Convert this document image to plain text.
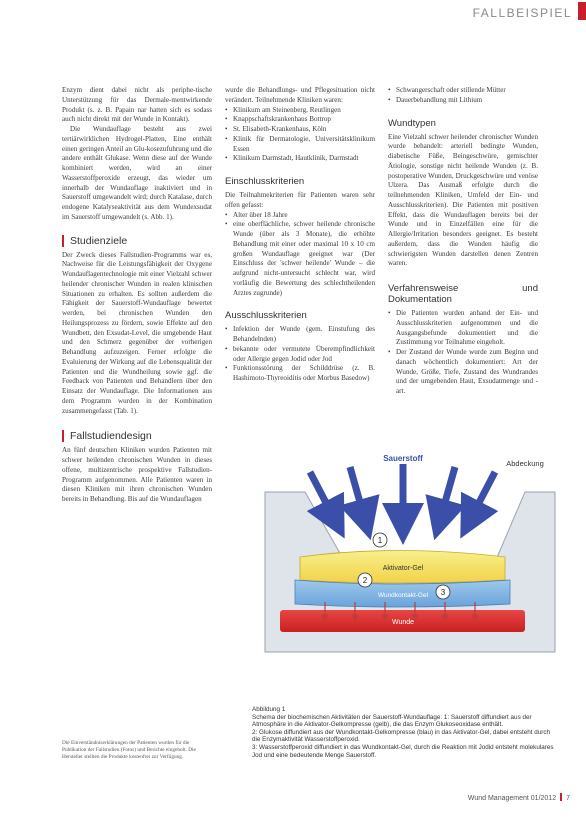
FALLBEISPIEL

Enzym dient dabei nicht als periphe-tische Unterstützung für das Dermale-mentwirkende Produkt (s. z. B. Papain nar hatten sich es sodass auch nicht direkt mit der Wunde in Kontakt).

Die Wundauflage besteht aus zwei tertiärwirklichen Hydrogel-Platten, Eine enthält einen geringen Anteil an Glu-kosezufuhrung und die andere enthält Glukase. Wenn diese auf der Wunde kombiniert werden, wird an einer Wasserstoffperoxide erzeugt, das wieder um innerhalb der Wundauflage inaktiviert und in Sauerstoff umgewandelt wird; durch Katalase, durch endogene Katalyseaktivität aus dem Wundexsudat im Sauerstoff umgewandelt (s. Abb. 1).

Studienziele

Der Zweck dieses Fallstudien-Programms war es, Nachweise für die Leistungsfähigkeit der Oxygene Wundauflagentechnologie mit einer Vielzahl schwer heilender chronischer Wunden in realen klinischen Situationen zu erhalten. Es sollten außerdem die Fähigkeit der Sauerstoff-Wundauflage bewertet werden, bei chronischen Wunden den Heilungsprozess zu fördern, sowie Effekte auf den Wundbett, den Exsudat-Level, die umgebende Haut und den Schmerz gegenüber der vorherigen Behandlung aufzuzeigen. Ferner erfolgte die Evaluierung der Wirkung auf die Lebensqualität der Patienten und die Wundheilung sowie ggf. die Feedback von Patienten und Behandlern über den Einsatz der Wundauflage. Die Informationen aus dem Programm wurden in der Kombination zusammengefasst (Tab. 1).

Fallstudiendesign

An fünf deutschen Kliniken wurden Patienten mit schwer heilenden chronischen Wunden in dieses offene, multizentrische prospektive Fallstudien-Programm aufgenommen. Alle Patienten waren in diesen Kliniken mit ihren chronischen Wunden bereits in Behandlung. Bis auf die Wundauflagen

Die Einverständniserklärungen der Patienten wurden für die Publikation der Fallstudien (Fotos) und Berichte eingeholt. Die Hersteller stellten die Produkte kostenfrei zur Verfügung.

wurde die Behandlungs- und Pflegesituation nicht verändert. Teilnehmende Kliniken waren:

• Klinikum am Steinenberg, Reutlingen
• Knappschaftskrankenhaus Bottrop
• St. Elisabeth-Krankenhaus, Köln
• Klinik für Dermatologie, Universitätsklinikum Essen
• Klinikum Darmstadt, Hautklinik, Darmstadt
Einschlusskriterien

Die Teilnahmekriterien für Patienten waren sehr offen gefasst:

• Alter über 18 Jahre
• eine oberflächliche, schwer heilende chronische Wunde (über als 3 Monate), die erhöhte Behandlung mit einer oder maximal 10 x 10 cm großen Wundauflage geeignet war (Der Einschluss der 'schwer heilende' Wunde – die aufgrund nicht-untersucht schlecht war, wird vorläufig die Bewertung des schlechtheilenden Arztes zugrunde)
Ausschlusskriterien
• Infektion der Wunde (gem. Einstufung des Behandelnden)
• bekannte oder vermutete Überempfindlichkeit oder Allergie gegen Jodid oder Jod
• Funktionsstörung der Schilddrüse (z. B. Hashimoto-Thyreoiditis oder Morbus Basedow)
• Schwangerschaft oder stillende Mütter
• Dauerbehandlung mit Lithium
Wundtypen

Eine Vielzahl schwer heilender chronischer Wunden wurde behandelt: arteriell bedingte Wunden, diabetische Füße, Beingeschwüre, gemischter Ätiologie, sonstige nicht heilende Wunden (z. B. postoperative Wunden, Druckgeschwüre und venöse Ulzera. Das Ausmaß erfolgte durch die teilnehmenden Kliniken, Umfeld der Ein- und Ausschlusskriterien). Die Patienten mit positiven Effekt, dass die Wundauflagen bereits bei der Wunde und in Einzelfällen eine für die Allergie/Irritation besonders geeignet. Es besteht außerdem, dass die Wunden häufig die schwierigsten Wunden darstellen denen Zentren waren.

Verfahrensweise und Dokumentation
• Die Patienten wurden anhand der Ein- und Ausschlusskriterien aufgenommen und die Ausgangsbefunde dokumentiert und die Zustimmung vor Teilnahme eingeholt.
• Der Zustand der Wunde wurde zum Beginn und danach wöchentlich dokumentiert: Art der Wunde, Größe, Tiefe, Zustand des Wundrandes und der umgebenden Haut, Exsudatmenge und -art.
1
2
3
Sauerstoff
Abdeckung
Aktivator-Gel
Wundkontakt-Gel
Wunde
Abbildung 1
Schema der biochemischen Aktivitäten der Sauerstoff-Wundauflage: 1: Sauerstoff diffundiert aus der Atmosphäre in die Aktivator-Gelkompresse (gelb), die das Enzym Glukoseoxidase enthält.
2: Glukose diffundiert aus der Wundkontakt-Gelkompresse (blau) in das Aktivator-Gel, dabei entsteht durch die Enzymaktivität Wasserstoffperoxid.
3: Wasserstoffperoxid diffundiert in das Wundkontakt-Gel, durch die Reaktion mit Jodid entsteht molekulares Jod und eine bedeutende Menge Sauerstoff.
Wund Management 01/2012 7
